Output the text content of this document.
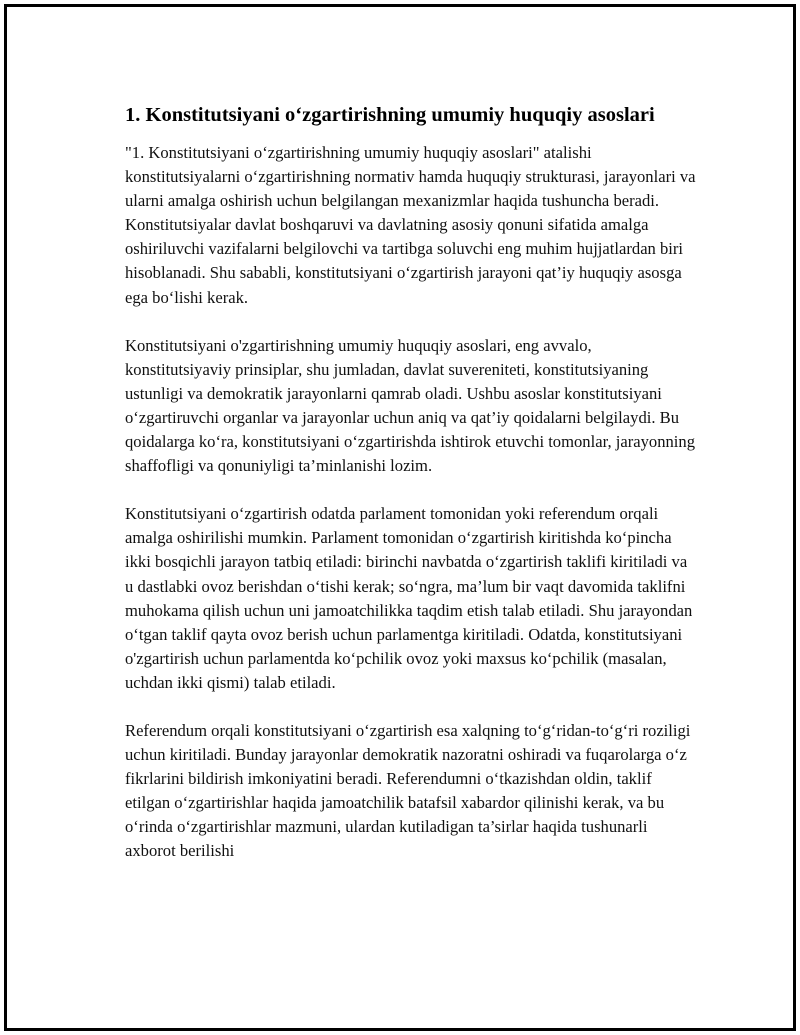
1. Konstitutsiyani o‘zgartirishning umumiy huquqiy asoslari

"1. Konstitutsiyani o‘zgartirishning umumiy huquqiy asoslari" atalishi konstitutsiyalarni o‘zgartirishning normativ hamda huquqiy strukturasi, jarayonlari va ularni amalga oshirish uchun belgilangan mexanizmlar haqida tushuncha beradi. Konstitutsiyalar davlat boshqaruvi va davlatning asosiy qonuni sifatida amalga oshiriluvchi vazifalarni belgilovchi va tartibga soluvchi eng muhim hujjatlardan biri hisoblanadi. Shu sababli, konstitutsiyani o‘zgartirish jarayoni qat’iy huquqiy asosga ega bo‘lishi kerak.

Konstitutsiyani o'zgartirishning umumiy huquqiy asoslari, eng avvalo, konstitutsiyaviy prinsiplar, shu jumladan, davlat suvereniteti, konstitutsiyaning ustunligi va demokratik jarayonlarni qamrab oladi. Ushbu asoslar konstitutsiyani o‘zgartiruvchi organlar va jarayonlar uchun aniq va qat’iy qoidalarni belgilaydi. Bu qoidalarga ko‘ra, konstitutsiyani o‘zgartirishda ishtirok etuvchi tomonlar, jarayonning shaffofligi va qonuniyligi ta’minlanishi lozim.

Konstitutsiyani o‘zgartirish odatda parlament tomonidan yoki referendum orqali amalga oshirilishi mumkin. Parlament tomonidan o‘zgartirish kiritishda ko‘pincha ikki bosqichli jarayon tatbiq etiladi: birinchi navbatda o‘zgartirish taklifi kiritiladi va u dastlabki ovoz berishdan o‘tishi kerak; so‘ngra, ma’lum bir vaqt davomida taklifni muhokama qilish uchun uni jamoatchilikka taqdim etish talab etiladi. Shu jarayondan o‘tgan taklif qayta ovoz berish uchun parlamentga kiritiladi. Odatda, konstitutsiyani o'zgartirish uchun parlamentda ko‘pchilik ovoz yoki maxsus ko‘pchilik (masalan, uchdan ikki qismi) talab etiladi.

Referendum orqali konstitutsiyani o‘zgartirish esa xalqning to‘g‘ridan-to‘g‘ri roziligi uchun kiritiladi. Bunday jarayonlar demokratik nazoratni oshiradi va fuqarolarga o‘z fikrlarini bildirish imkoniyatini beradi. Referendumni o‘tkazishdan oldin, taklif etilgan o‘zgartirishlar haqida jamoatchilik batafsil xabardor qilinishi kerak, va bu o‘rinda o‘zgartirishlar mazmuni, ulardan kutiladigan ta’sirlar haqida tushunarli axborot berilishi
